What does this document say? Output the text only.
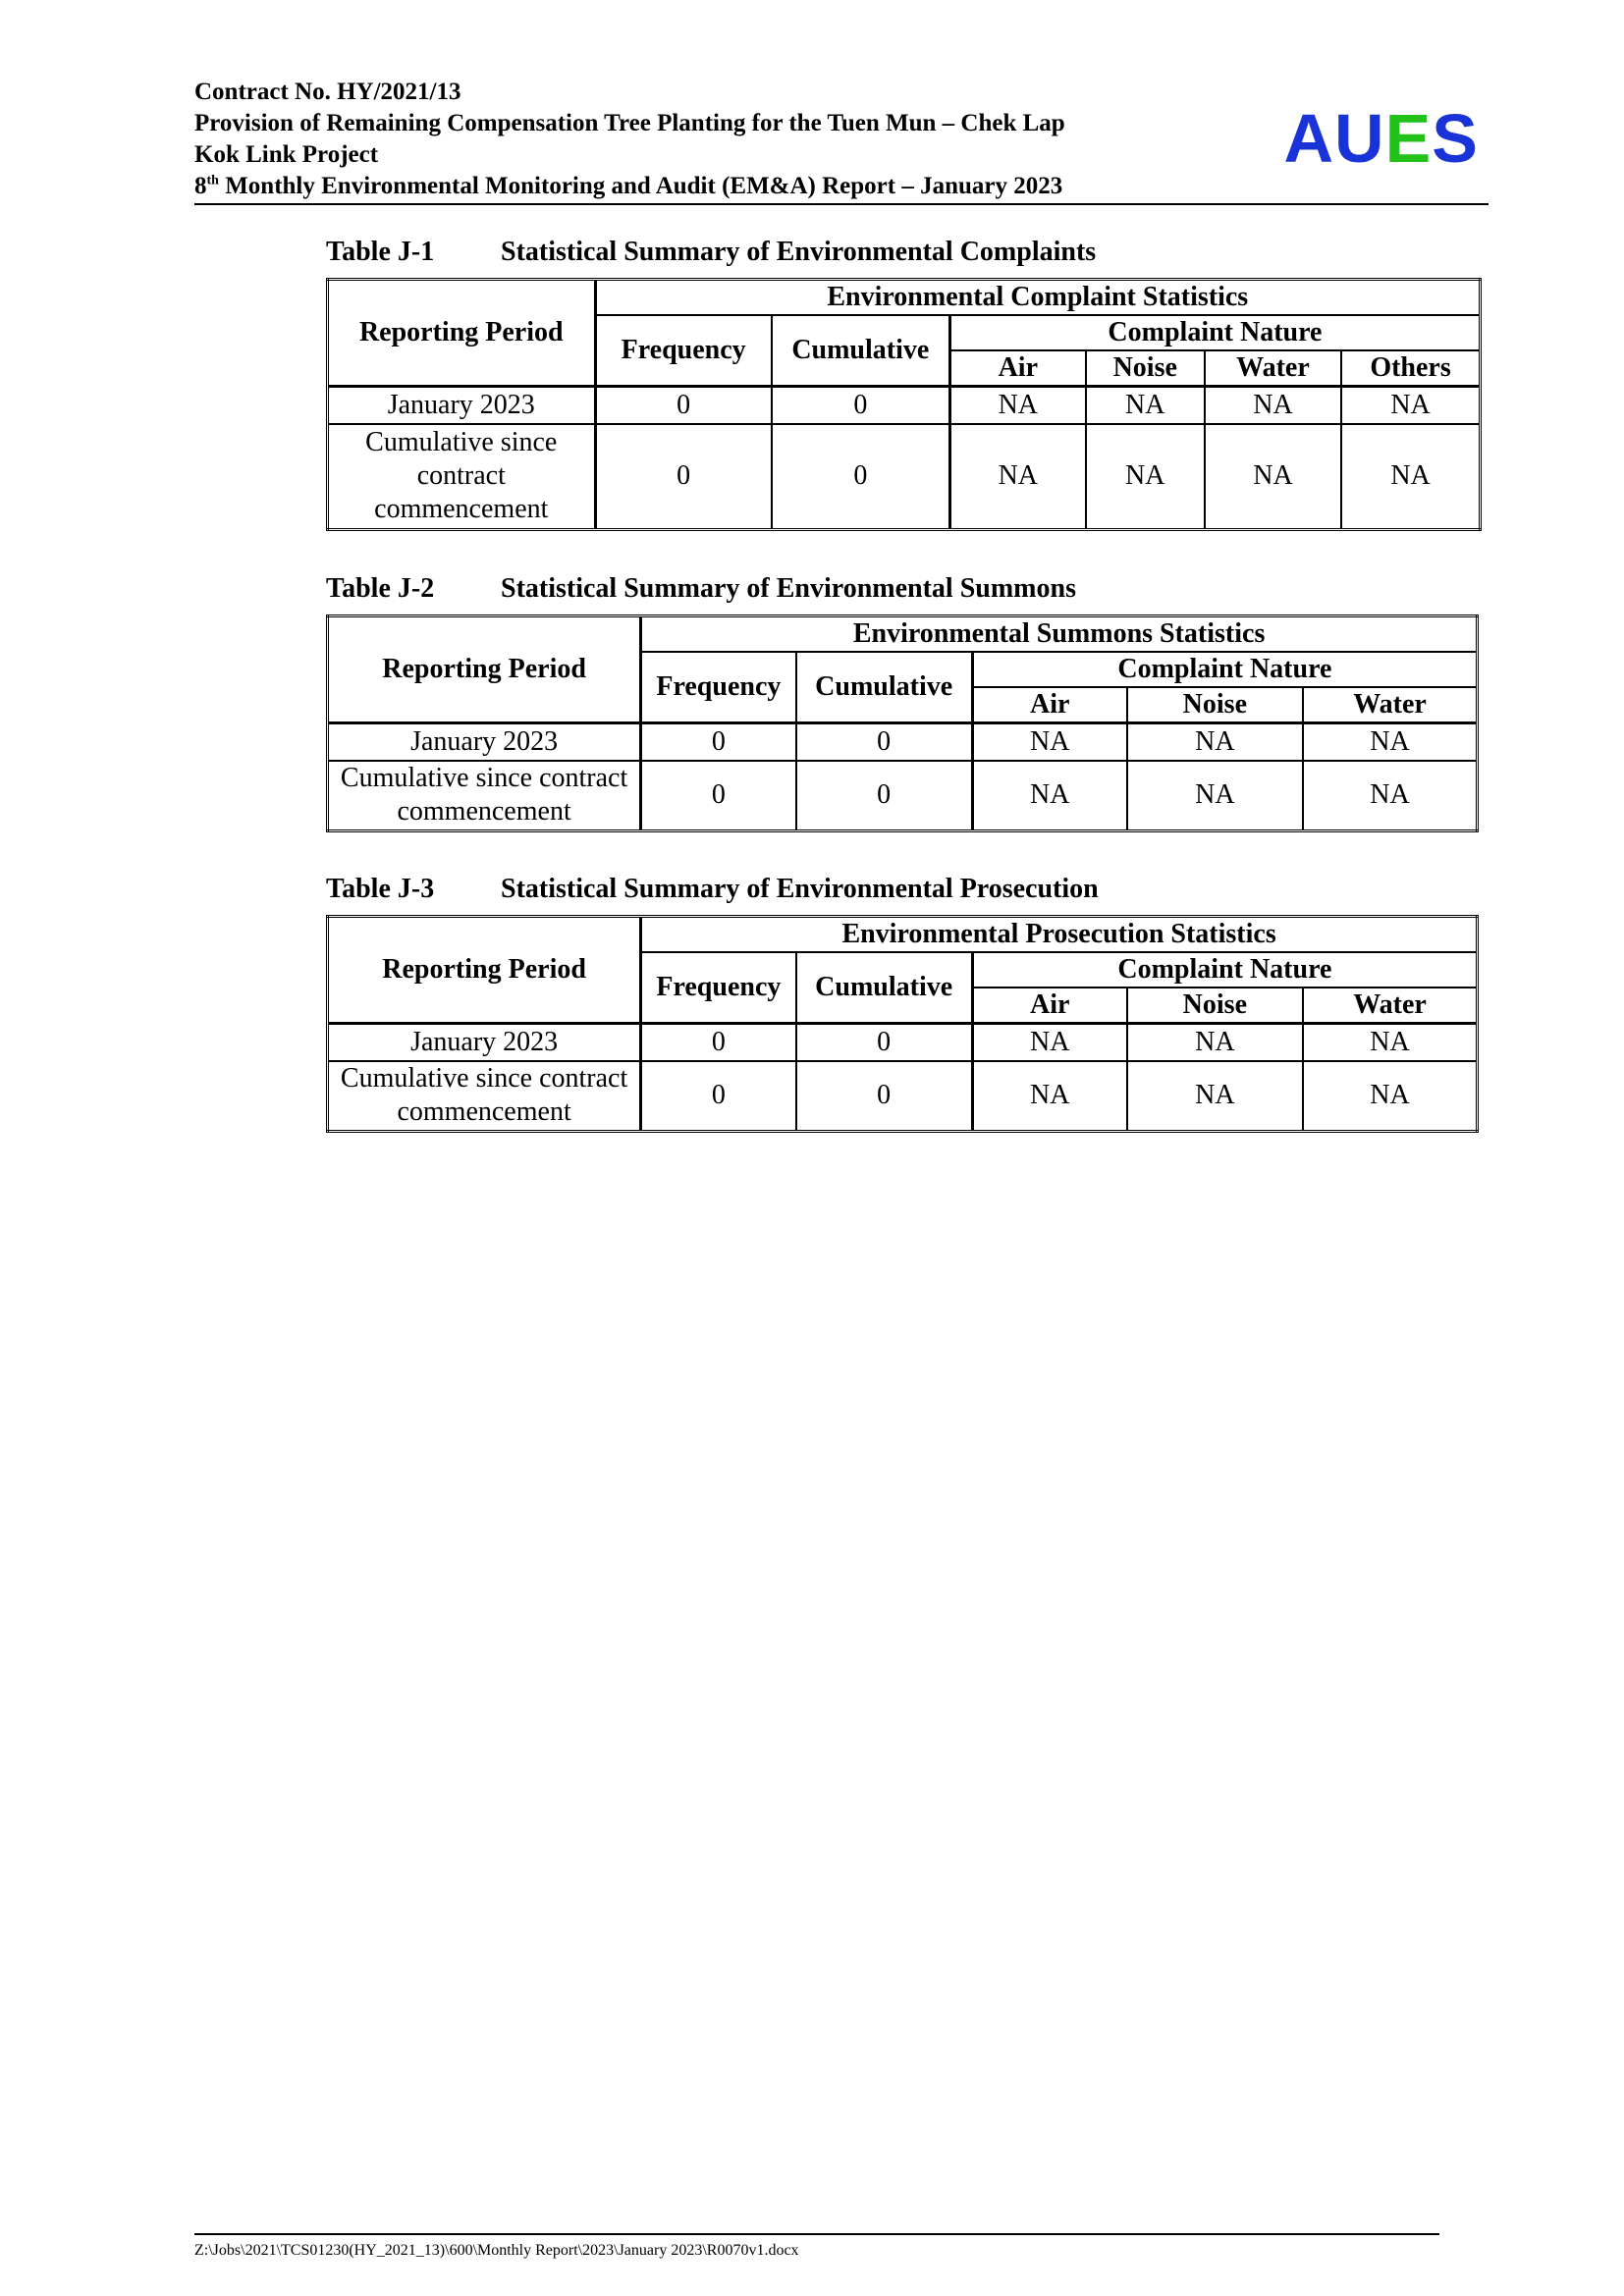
Contract No. HY/2021/13
Provision of Remaining Compensation Tree Planting for the Tuen Mun – Chek Lap
Kok Link Project
8th Monthly Environmental Monitoring and Audit (EM&A) Report – January 2023
AUES
Table J-1 Statistical Summary of Environmental Complaints
Reporting Period	Environmental Complaint Statistics					
	Frequency	Cumulative	Complaint Nature			
			Air	Noise	Water	Others
January 2023	0	0	NA	NA	NA	NA
Cumulative since contract commencement	0	0	NA	NA	NA	NA
Table J-2 Statistical Summary of Environmental Summons
Reporting Period	Environmental Summons Statistics				
	Frequency	Cumulative	Complaint Nature		
			Air	Noise	Water
January 2023	0	0	NA	NA	NA
Cumulative since contract commencement	0	0	NA	NA	NA
Table J-3 Statistical Summary of Environmental Prosecution
Reporting Period	Environmental Prosecution Statistics				
	Frequency	Cumulative	Complaint Nature		
			Air	Noise	Water
January 2023	0	0	NA	NA	NA
Cumulative since contract commencement	0	0	NA	NA	NA
Z:\Jobs\2021\TCS01230(HY_2021_13)\600\Monthly Report\2023\January 2023\R0070v1.docx
